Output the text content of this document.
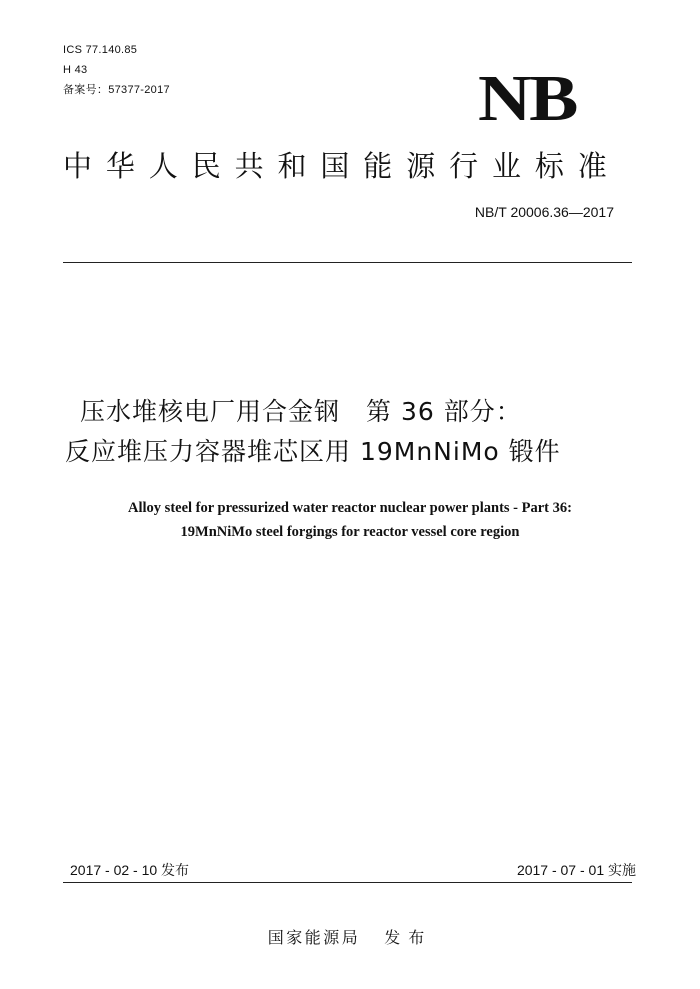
ICS 77.140.85
H 43
备案号：57377-2017	NB
中华人民共和国能源行业标准
NB/T 20006.36—2017
压水堆核电厂用合金钢　第 36 部分：
反应堆压力容器堆芯区用 19MnNiMo 锻件
Alloy steel for pressurized water reactor nuclear power plants - Part 36:
19MnNiMo steel forgings for reactor vessel core region
2017 - 02 - 10 发布	2017 - 07 - 01 实施
国家能源局 发布
